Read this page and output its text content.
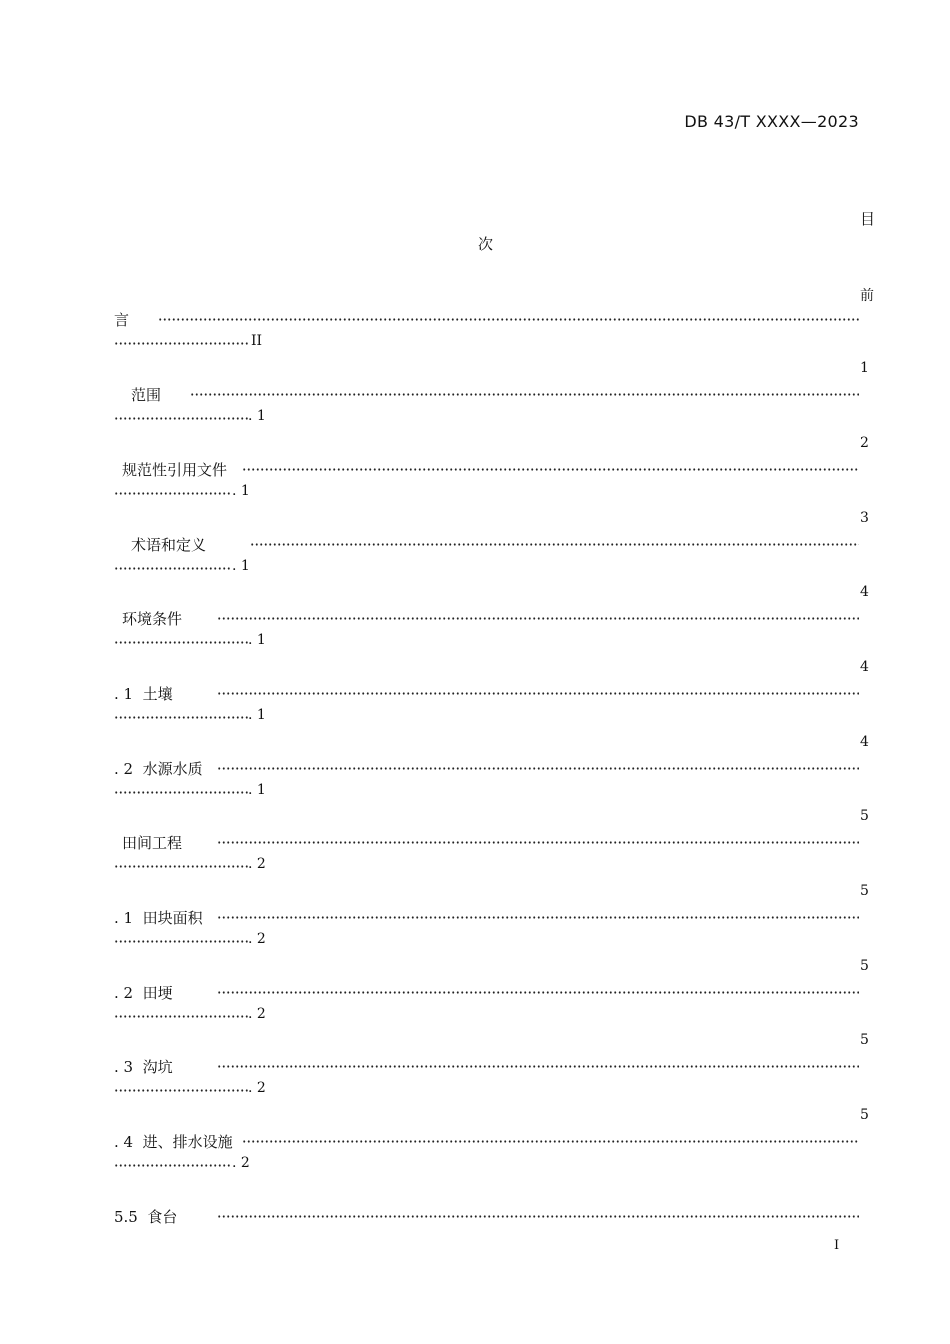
DB 43/T XXXX—2023
目
次
前
言
II
1
范围
. 1
2
规范性引用文件
. 1
3
术语和定义
. 1
4
环境条件
. 1
4
. 1  土壤
. 1
4
. 2  水源水质
. 1
5
田间工程
. 2
5
. 1  田块面积
. 2
5
. 2  田埂
. 2
5
. 3  沟坑
. 2
5
. 4  进、排水设施
. 2
5.5  食台
I
